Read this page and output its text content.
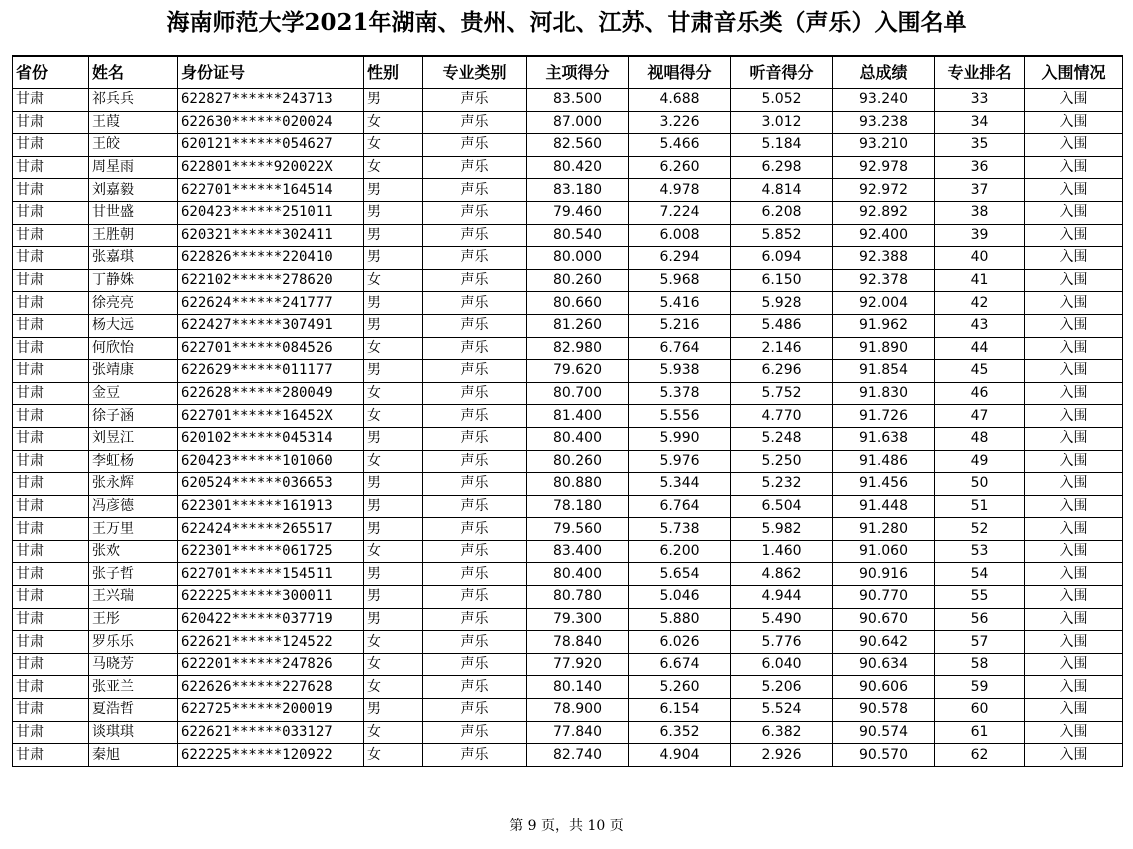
海南师范大学2021年湖南、贵州、河北、江苏、甘肃音乐类（声乐）入围名单
省份	姓名	身份证号	性别	专业类别	主项得分	视唱得分	听音得分	总成绩	专业排名	入围情况
甘肃	祁兵兵	622827******243713	男	声乐	83.500	4.688	5.052	93.240	33	入围
甘肃	王葭	622630******020024	女	声乐	87.000	3.226	3.012	93.238	34	入围
甘肃	王皎	620121******054627	女	声乐	82.560	5.466	5.184	93.210	35	入围
甘肃	周星雨	622801*****920022X	女	声乐	80.420	6.260	6.298	92.978	36	入围
甘肃	刘嘉毅	622701******164514	男	声乐	83.180	4.978	4.814	92.972	37	入围
甘肃	甘世盛	620423******251011	男	声乐	79.460	7.224	6.208	92.892	38	入围
甘肃	王胜朝	620321******302411	男	声乐	80.540	6.008	5.852	92.400	39	入围
甘肃	张嘉琪	622826******220410	男	声乐	80.000	6.294	6.094	92.388	40	入围
甘肃	丁静姝	622102******278620	女	声乐	80.260	5.968	6.150	92.378	41	入围
甘肃	徐亮亮	622624******241777	男	声乐	80.660	5.416	5.928	92.004	42	入围
甘肃	杨大远	622427******307491	男	声乐	81.260	5.216	5.486	91.962	43	入围
甘肃	何欣怡	622701******084526	女	声乐	82.980	6.764	2.146	91.890	44	入围
甘肃	张靖康	622629******011177	男	声乐	79.620	5.938	6.296	91.854	45	入围
甘肃	金豆	622628******280049	女	声乐	80.700	5.378	5.752	91.830	46	入围
甘肃	徐子涵	622701******16452X	女	声乐	81.400	5.556	4.770	91.726	47	入围
甘肃	刘昱江	620102******045314	男	声乐	80.400	5.990	5.248	91.638	48	入围
甘肃	李虹杨	620423******101060	女	声乐	80.260	5.976	5.250	91.486	49	入围
甘肃	张永辉	620524******036653	男	声乐	80.880	5.344	5.232	91.456	50	入围
甘肃	冯彦德	622301******161913	男	声乐	78.180	6.764	6.504	91.448	51	入围
甘肃	王万里	622424******265517	男	声乐	79.560	5.738	5.982	91.280	52	入围
甘肃	张欢	622301******061725	女	声乐	83.400	6.200	1.460	91.060	53	入围
甘肃	张子哲	622701******154511	男	声乐	80.400	5.654	4.862	90.916	54	入围
甘肃	王兴瑞	622225******300011	男	声乐	80.780	5.046	4.944	90.770	55	入围
甘肃	王彤	620422******037719	男	声乐	79.300	5.880	5.490	90.670	56	入围
甘肃	罗乐乐	622621******124522	女	声乐	78.840	6.026	5.776	90.642	57	入围
甘肃	马晓芳	622201******247826	女	声乐	77.920	6.674	6.040	90.634	58	入围
甘肃	张亚兰	622626******227628	女	声乐	80.140	5.260	5.206	90.606	59	入围
甘肃	夏浩哲	622725******200019	男	声乐	78.900	6.154	5.524	90.578	60	入围
甘肃	谈琪琪	622621******033127	女	声乐	77.840	6.352	6.382	90.574	61	入围
甘肃	秦旭	622225******120922	女	声乐	82.740	4.904	2.926	90.570	62	入围
第 9 页，共 10 页
